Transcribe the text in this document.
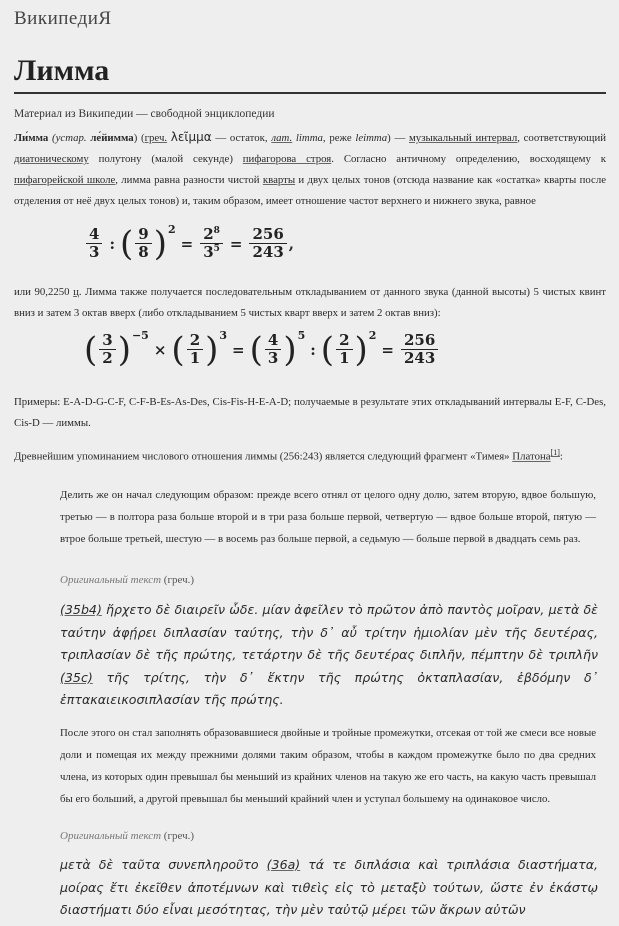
ВикипедиЯ
Лимма
Материал из Википедии — свободной энциклопедии
Ли́мма (устар. ле́йимма) (греч. λεῖμμα — остаток, лат. limma, реже leimma) — музыкальный интервал, соответствующий диатоническому полутону (малой секунде) пифагорова строя. Согласно античному определению, восходящему к пифагорейской школе, лимма равна разности чистой кварты и двух целых тонов (отсюда название как «остатка» кварты после отделения от неё двух целых тонов) и, таким образом, имеет отношение частот верхнего и нижнего звука, равное
$\frac{4}{3}$ : ( $\frac{9}{8} )^2$
= $\frac{2^8}{3^5} = \frac{256}{243}$ ,
или 90,2250 ц. Лимма также получается последовательным откладыванием от данного звука (данной высоты) 5 чистых квинт вниз и затем 3 октав вверх (либо откладыванием 5 чистых кварт вверх и затем 2 октав вниз):
( $\frac{3}{2} )^{-5}$
× ( $\frac{2}{1} )^3$
= ( $\frac{4}{3} )^5$
: ( $\frac{2}{1} )^2$
= $\frac{256}{243}$
Примеры: E-A-D-G-C-F, C-F-B-Es-As-Des, Cis-Fis-H-E-A-D; получаемые в результате этих откладываний интервалы E-F, C-Des, Cis-D — лиммы.
Древнейшим упоминанием числового отношения лиммы (256:243) является следующий фрагмент «Тимея» Платона[1]:
Делить же он начал следующим образом: прежде всего отнял от целого одну долю, затем вторую, вдвое большую, третью — в полтора раза больше второй и в три раза больше первой, четвертую — вдвое больше второй, пятую — втрое больше третьей, шестую — в восемь раз больше первой, а седьмую — больше первой в двадцать семь раз.
Оригинальный текст (греч.)
(35b4) ἤρχετο δὲ διαιρεῖν ὧδε. μίαν ἀφεῖλεν τὸ πρῶτον ἀπὸ παντὸς μοῖραν, μετὰ δὲ ταύτην ἀφῄρει διπλασίαν ταύτης, τὴν δ᾽ αὖ τρίτην ἡμιολίαν μὲν τῆς δευτέρας, τριπλασίαν δὲ τῆς πρώτης, τετάρτην δὲ τῆς δευτέρας διπλῆν, πέμπτην δὲ τριπλῆν (35c) τῆς τρίτης, τὴν δ᾽ ἕκτην τῆς πρώτης ὀκταπλασίαν, ἑβδόμην δ᾽ ἑπτακαιεικοσιπλασίαν τῆς πρώτης.
После этого он стал заполнять образовавшиеся двойные и тройные промежутки, отсекая от той же смеси все новые доли и помещая их между прежними долями таким образом, чтобы в каждом промежутке было по два средних члена, из которых один превышал бы меньший из крайних членов на такую же его часть, на какую часть превышал бы его больший, а другой превышал бы меньший крайний член и уступал большему на одинаковое число.
Оригинальный текст (греч.)
μετὰ δὲ ταῦτα συνεπληροῦτο (36a) τά τε διπλάσια καὶ τριπλάσια διαστήματα, μοίρας ἔτι ἐκεῖθεν ἀποτέμνων καὶ τιθεὶς εἰς τὸ μεταξὺ τούτων, ὥστε ἐν ἑκάστῳ διαστήματι δύο εἶναι μεσότητας, τὴν μὲν ταὐτῷ μέρει τῶν ἄκρων αὐτῶν
